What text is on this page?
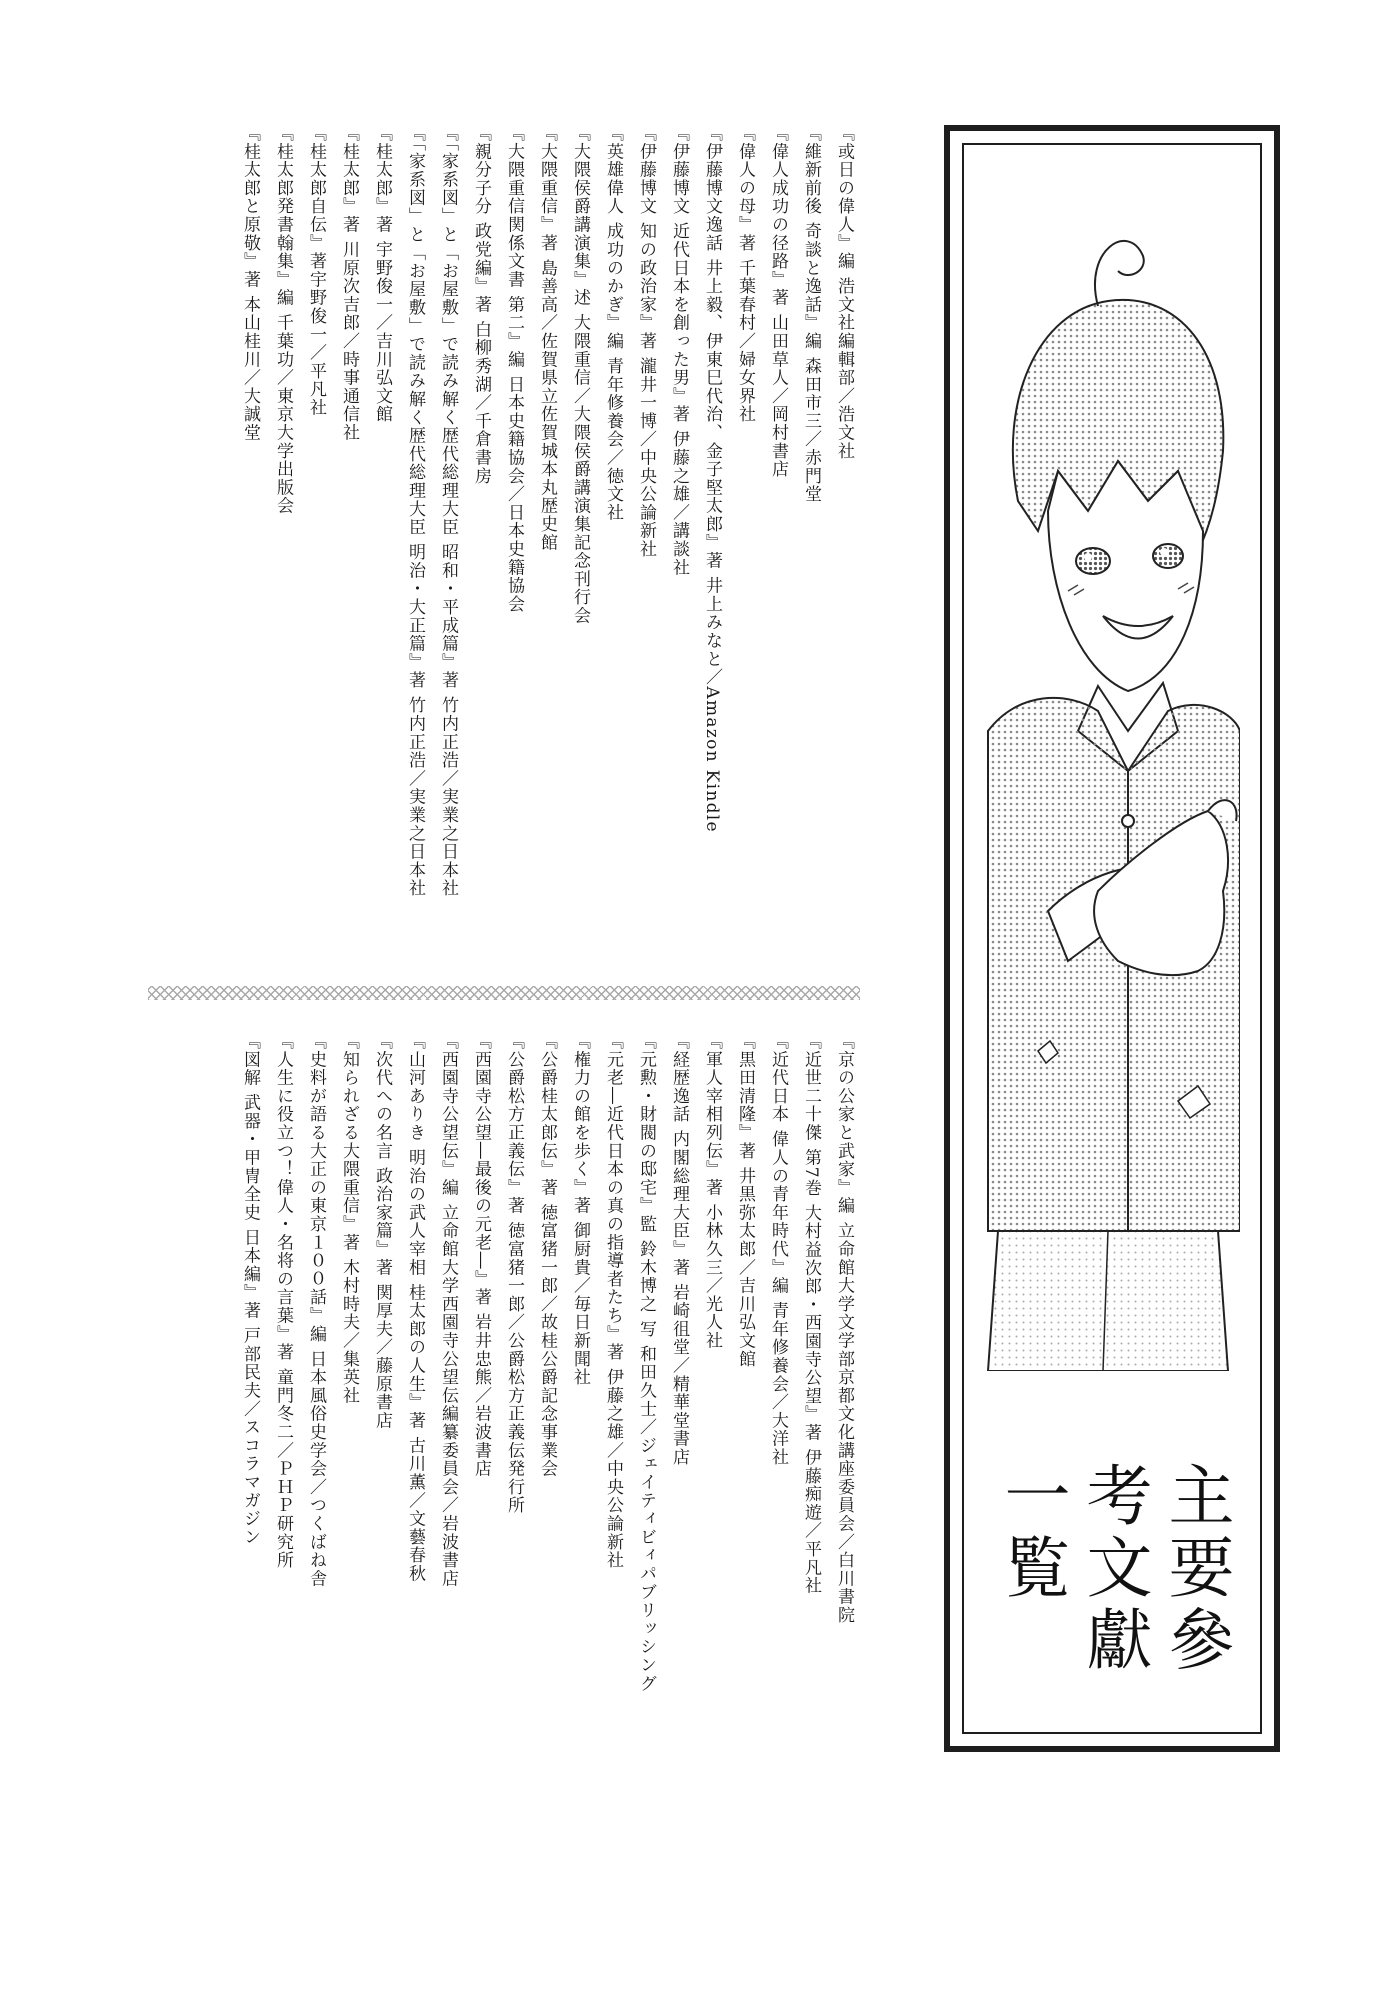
主要參考文獻
一覧
『或日の偉人』編 浩文社編輯部／浩文社
『維新前後 奇談と逸話』編 森田市三／赤門堂
『偉人成功の径路』著 山田草人／岡村書店
『偉人の母』著 千葉春村／婦女界社
『伊藤博文逸話 井上毅、伊東巳代治、金子堅太郎』著 井上みなと／Amazon Kindle
『伊藤博文 近代日本を創った男』著 伊藤之雄／講談社
『伊藤博文 知の政治家』著 瀧井一博／中央公論新社
『英雄偉人 成功のかぎ』編 青年修養会／徳文社
『大隈侯爵講演集』述 大隈重信／大隈侯爵講演集記念刊行会
『大隈重信』著 島善高／佐賀県立佐賀城本丸歴史館
『大隈重信関係文書 第二』編 日本史籍協会／日本史籍協会
『親分子分 政党編』著 白柳秀湖／千倉書房
『「家系図」と「お屋敷」で読み解く歴代総理大臣 昭和・平成篇』著 竹内正浩／実業之日本社
『「家系図」と「お屋敷」で読み解く歴代総理大臣 明治・大正篇』著 竹内正浩／実業之日本社
『桂太郎』著 宇野俊一／吉川弘文館
『桂太郎』著 川原次吉郎／時事通信社
『桂太郎自伝』著宇野俊一／平凡社
『桂太郎発書翰集』編 千葉功／東京大学出版会
『桂太郎と原敬』著 本山桂川／大誠堂
『京の公家と武家』編 立命館大学文学部京都文化講座委員会／白川書院
『近世二十傑 第7巻 大村益次郎・西園寺公望』著 伊藤痴遊／平凡社
『近代日本 偉人の青年時代』編 青年修養会／大洋社
『黒田清隆』著 井黒弥太郎／吉川弘文館
『軍人宰相列伝』著 小林久三／光人社
『経歴逸話 内閣総理大臣』著 岩崎徂堂／精華堂書店
『元勲・財閥の邸宅』監 鈴木博之 写 和田久士／ジェイティビィパブリッシング
『元老―近代日本の真の指導者たち』著 伊藤之雄／中央公論新社
『権力の館を歩く』著 御厨貴／毎日新聞社
『公爵桂太郎伝』著 徳富猪一郎／故桂公爵記念事業会
『公爵松方正義伝』著 徳富猪一郎／公爵松方正義伝発行所
『西園寺公望―最後の元老―』著 岩井忠熊／岩波書店
『西園寺公望伝』編 立命館大学西園寺公望伝編纂委員会／岩波書店
『山河ありき 明治の武人宰相 桂太郎の人生』著 古川薫／文藝春秋
『次代への名言 政治家篇』著 関厚夫／藤原書店
『知られざる大隈重信』著 木村時夫／集英社
『史料が語る大正の東京１００話』編 日本風俗史学会／つくばね舎
『人生に役立つ！偉人・名将の言葉』著 童門冬二／ＰＨＰ研究所
『図解 武器・甲冑全史 日本編』著 戸部民夫／スコラマガジン
